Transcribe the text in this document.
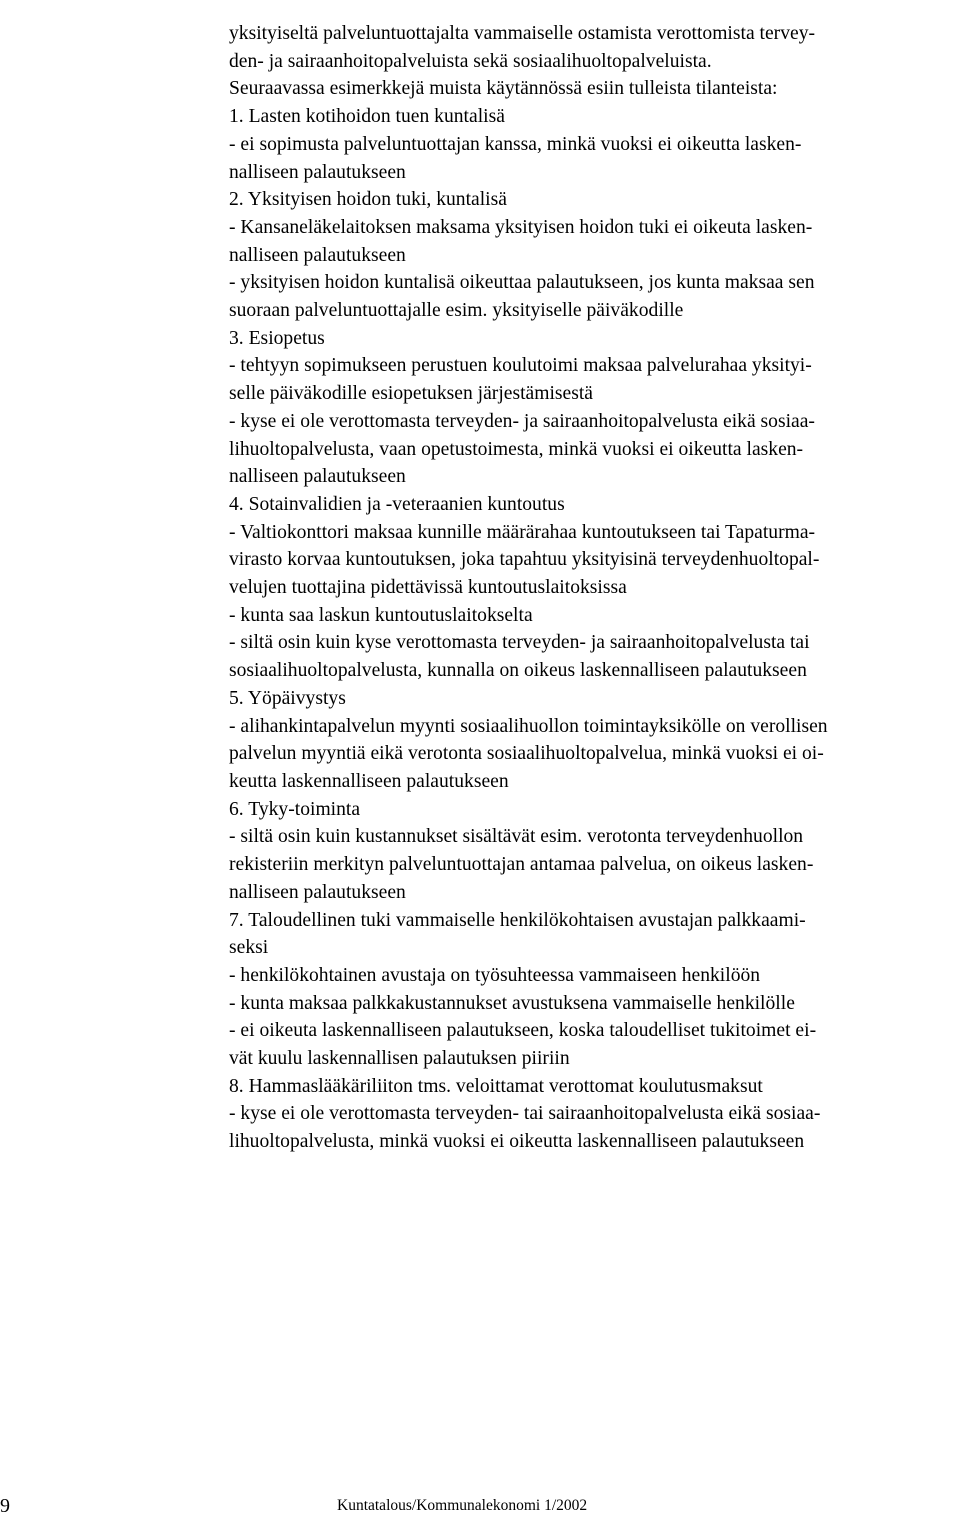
yksityiseltä palveluntuottajalta vammaiselle ostamista verottomista tervey-
den- ja sairaanhoitopalveluista sekä sosiaalihuoltopalveluista.

Seuraavassa esimerkkejä muista käytännössä esiin tulleista tilanteista:

1. Lasten kotihoidon tuen kuntalisä
- ei sopimusta palveluntuottajan kanssa, minkä vuoksi ei oikeutta lasken-
nalliseen palautukseen

2. Yksityisen hoidon tuki, kuntalisä
- Kansaneläkelaitoksen maksama yksityisen hoidon tuki ei oikeuta lasken-
nalliseen palautukseen
- yksityisen hoidon kuntalisä oikeuttaa palautukseen, jos kunta maksaa sen
suoraan palveluntuottajalle esim. yksityiselle päiväkodille

3. Esiopetus
- tehtyyn sopimukseen perustuen koulutoimi maksaa palvelurahaa yksityi-
selle päiväkodille esiopetuksen järjestämisestä
- kyse ei ole verottomasta terveyden- ja sairaanhoitopalvelusta eikä sosiaa-
lihuoltopalvelusta, vaan opetustoimesta, minkä vuoksi ei oikeutta lasken-
nalliseen palautukseen

4. Sotainvalidien ja -veteraanien kuntoutus
- Valtiokonttori maksaa kunnille määrärahaa kuntoutukseen tai Tapaturma-
virasto korvaa kuntoutuksen, joka tapahtuu yksityisinä terveydenhuoltopal-
velujen tuottajina pidettävissä kuntoutuslaitoksissa
- kunta saa laskun kuntoutuslaitokselta
- siltä osin kuin kyse verottomasta terveyden- ja sairaanhoitopalvelusta tai
sosiaalihuoltopalvelusta, kunnalla on oikeus laskennalliseen palautukseen

5. Yöpäivystys
- alihankintapalvelun myynti sosiaalihuollon toimintayksikölle on verollisen
palvelun myyntiä eikä verotonta sosiaalihuoltopalvelua, minkä vuoksi ei oi-
keutta laskennalliseen palautukseen

6. Tyky-toiminta
- siltä osin kuin kustannukset sisältävät esim. verotonta terveydenhuollon
rekisteriin merkityn palveluntuottajan antamaa palvelua, on oikeus lasken-
nalliseen palautukseen

7. Taloudellinen tuki vammaiselle henkilökohtaisen avustajan palkkaami-
seksi
- henkilökohtainen avustaja on työsuhteessa vammaiseen henkilöön
- kunta maksaa palkkakustannukset avustuksena vammaiselle henkilölle
- ei oikeuta laskennalliseen palautukseen, koska taloudelliset tukitoimet ei-
vät kuulu laskennallisen palautuksen piiriin

8. Hammaslääkäriliiton tms. veloittamat verottomat koulutusmaksut
- kyse ei ole verottomasta terveyden- tai sairaanhoitopalvelusta eikä sosiaa-
lihuoltopalvelusta, minkä vuoksi ei oikeutta laskennalliseen palautukseen

9	Kuntatalous/Kommunalekonomi 1/2002
